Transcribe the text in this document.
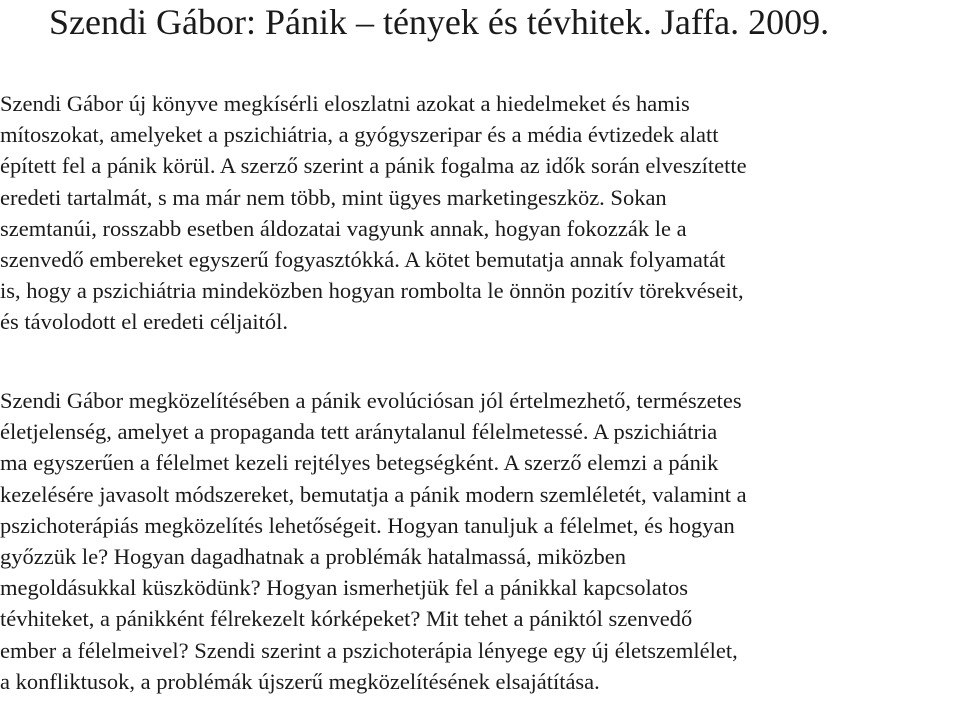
Szendi Gábor: Pánik – tények és tévhitek. Jaffa. 2009.

Szendi Gábor új könyve megkísérli eloszlatni azokat a hiedelmeket és hamis
mítoszokat, amelyeket a pszichiátria, a gyógyszeripar és a média évtizedek alatt
épített fel a pánik körül. A szerző szerint a pánik fogalma az idők során elveszítette
eredeti tartalmát, s ma már nem több, mint ügyes marketingeszköz. Sokan
szemtanúi, rosszabb esetben áldozatai vagyunk annak, hogyan fokozzák le a
szenvedő embereket egyszerű fogyasztókká. A kötet bemutatja annak folyamatát
is, hogy a pszichiátria mindeközben hogyan rombolta le önnön pozitív törekvéseit,
és távolodott el eredeti céljaitól.

Szendi Gábor megközelítésében a pánik evolúciósan jól értelmezhető, természetes
életjelenség, amelyet a propaganda tett aránytalanul félelmetessé. A pszichiátria
ma egyszerűen a félelmet kezeli rejtélyes betegségként. A szerző elemzi a pánik
kezelésére javasolt módszereket, bemutatja a pánik modern szemléletét, valamint a
pszichoterápiás megközelítés lehetőségeit. Hogyan tanuljuk a félelmet, és hogyan
győzzük le? Hogyan dagadhatnak a problémák hatalmassá, miközben
megoldásukkal küszködünk? Hogyan ismerhetjük fel a pánikkal kapcsolatos
tévhiteket, a pánikként félrekezelt kórképeket? Mit tehet a pániktól szenvedő
ember a félelmeivel? Szendi szerint a pszichoterápia lényege egy új életszemlélet,
a konfliktusok, a problémák újszerű megközelítésének elsajátítása.
